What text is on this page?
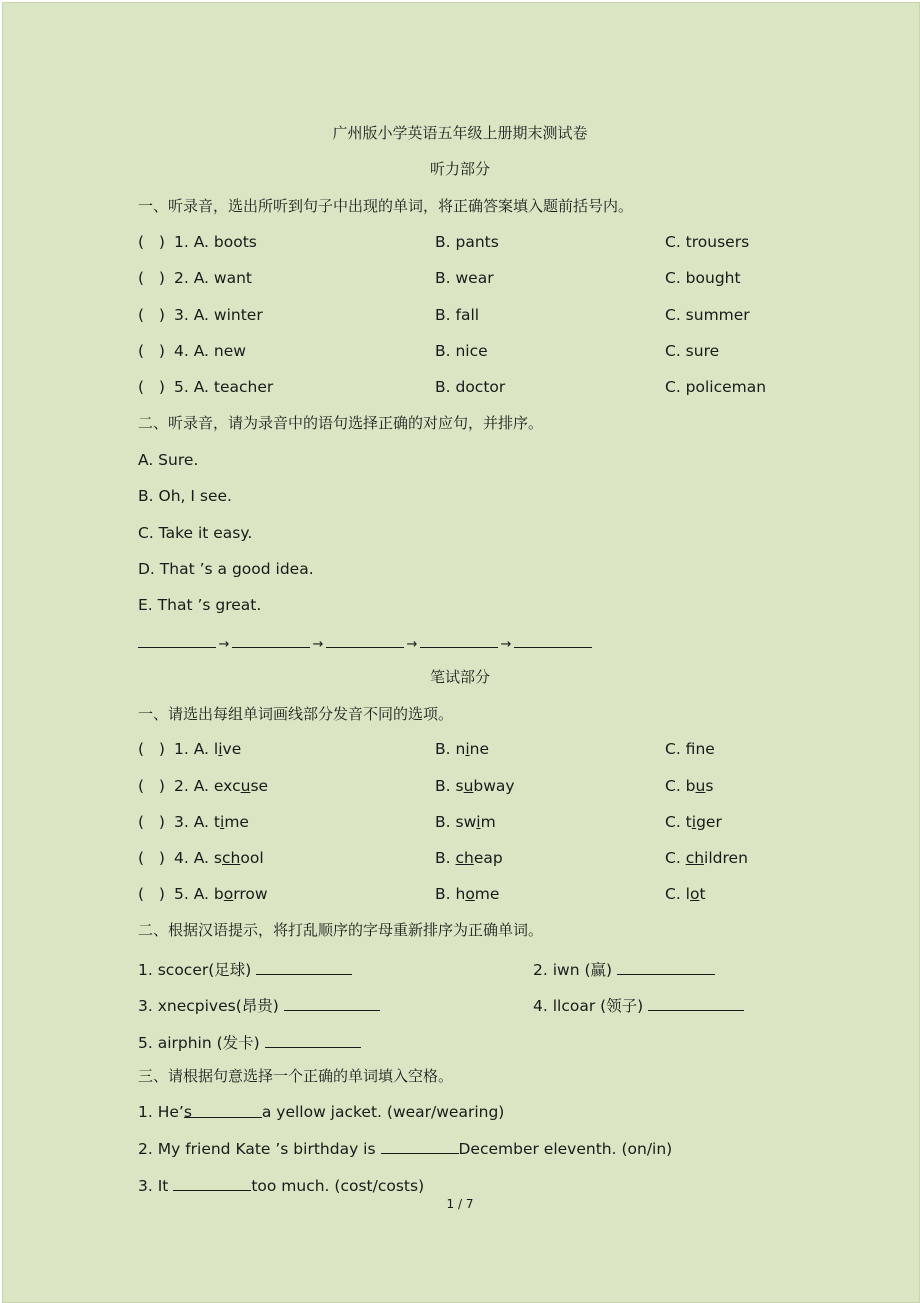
广州版小学英语五年级上册期末测试卷
听力部分
一、听录音，选出所听到句子中出现的单词，将正确答案填入题前括号内。
(   ) 1. A. boots	B. pants	C. trousers
(   ) 2. A. want	B. wear	C. bought
(   ) 3. A. winter	B. fall	C. summer
(   ) 4. A. new	B. nice	C. sure
(   ) 5. A. teacher	B. doctor	C. policeman
二、听录音，请为录音中的语句选择正确的对应句，并排序。
A. Sure.
B. Oh, I see.
C. Take it easy.
D. That ’s a good idea.
E. That ’s great.
→	→	→	→
笔试部分
一、请选出每组单词画线部分发音不同的选项。
(   ) 1. A. live	B. nine	C. fne
(   ) 2. A. excuse	B. subway	C. bus
(   ) 3. A. time	B. swim	C. tiger
(   ) 4. A. school	B. cheap	C. children
(   ) 5. A. borrow	B. home	C. lot
二、根据汉语提示，将打乱顺序的字母重新排序为正确单词。
1. scocer(足球)	2. iwn (赢)
3. xnecpives(昂贵)	4. llcoar (领子)
5. airphin (发卡)
三、请根据句意选择一个正确的单词填入空格。
1. He’s	a yellow jacket. (wear/wearing)
2. My friend Kate ’s birthday is	December eleventh. (on/in)
3. It	too much. (cost/costs)
1 / 7
